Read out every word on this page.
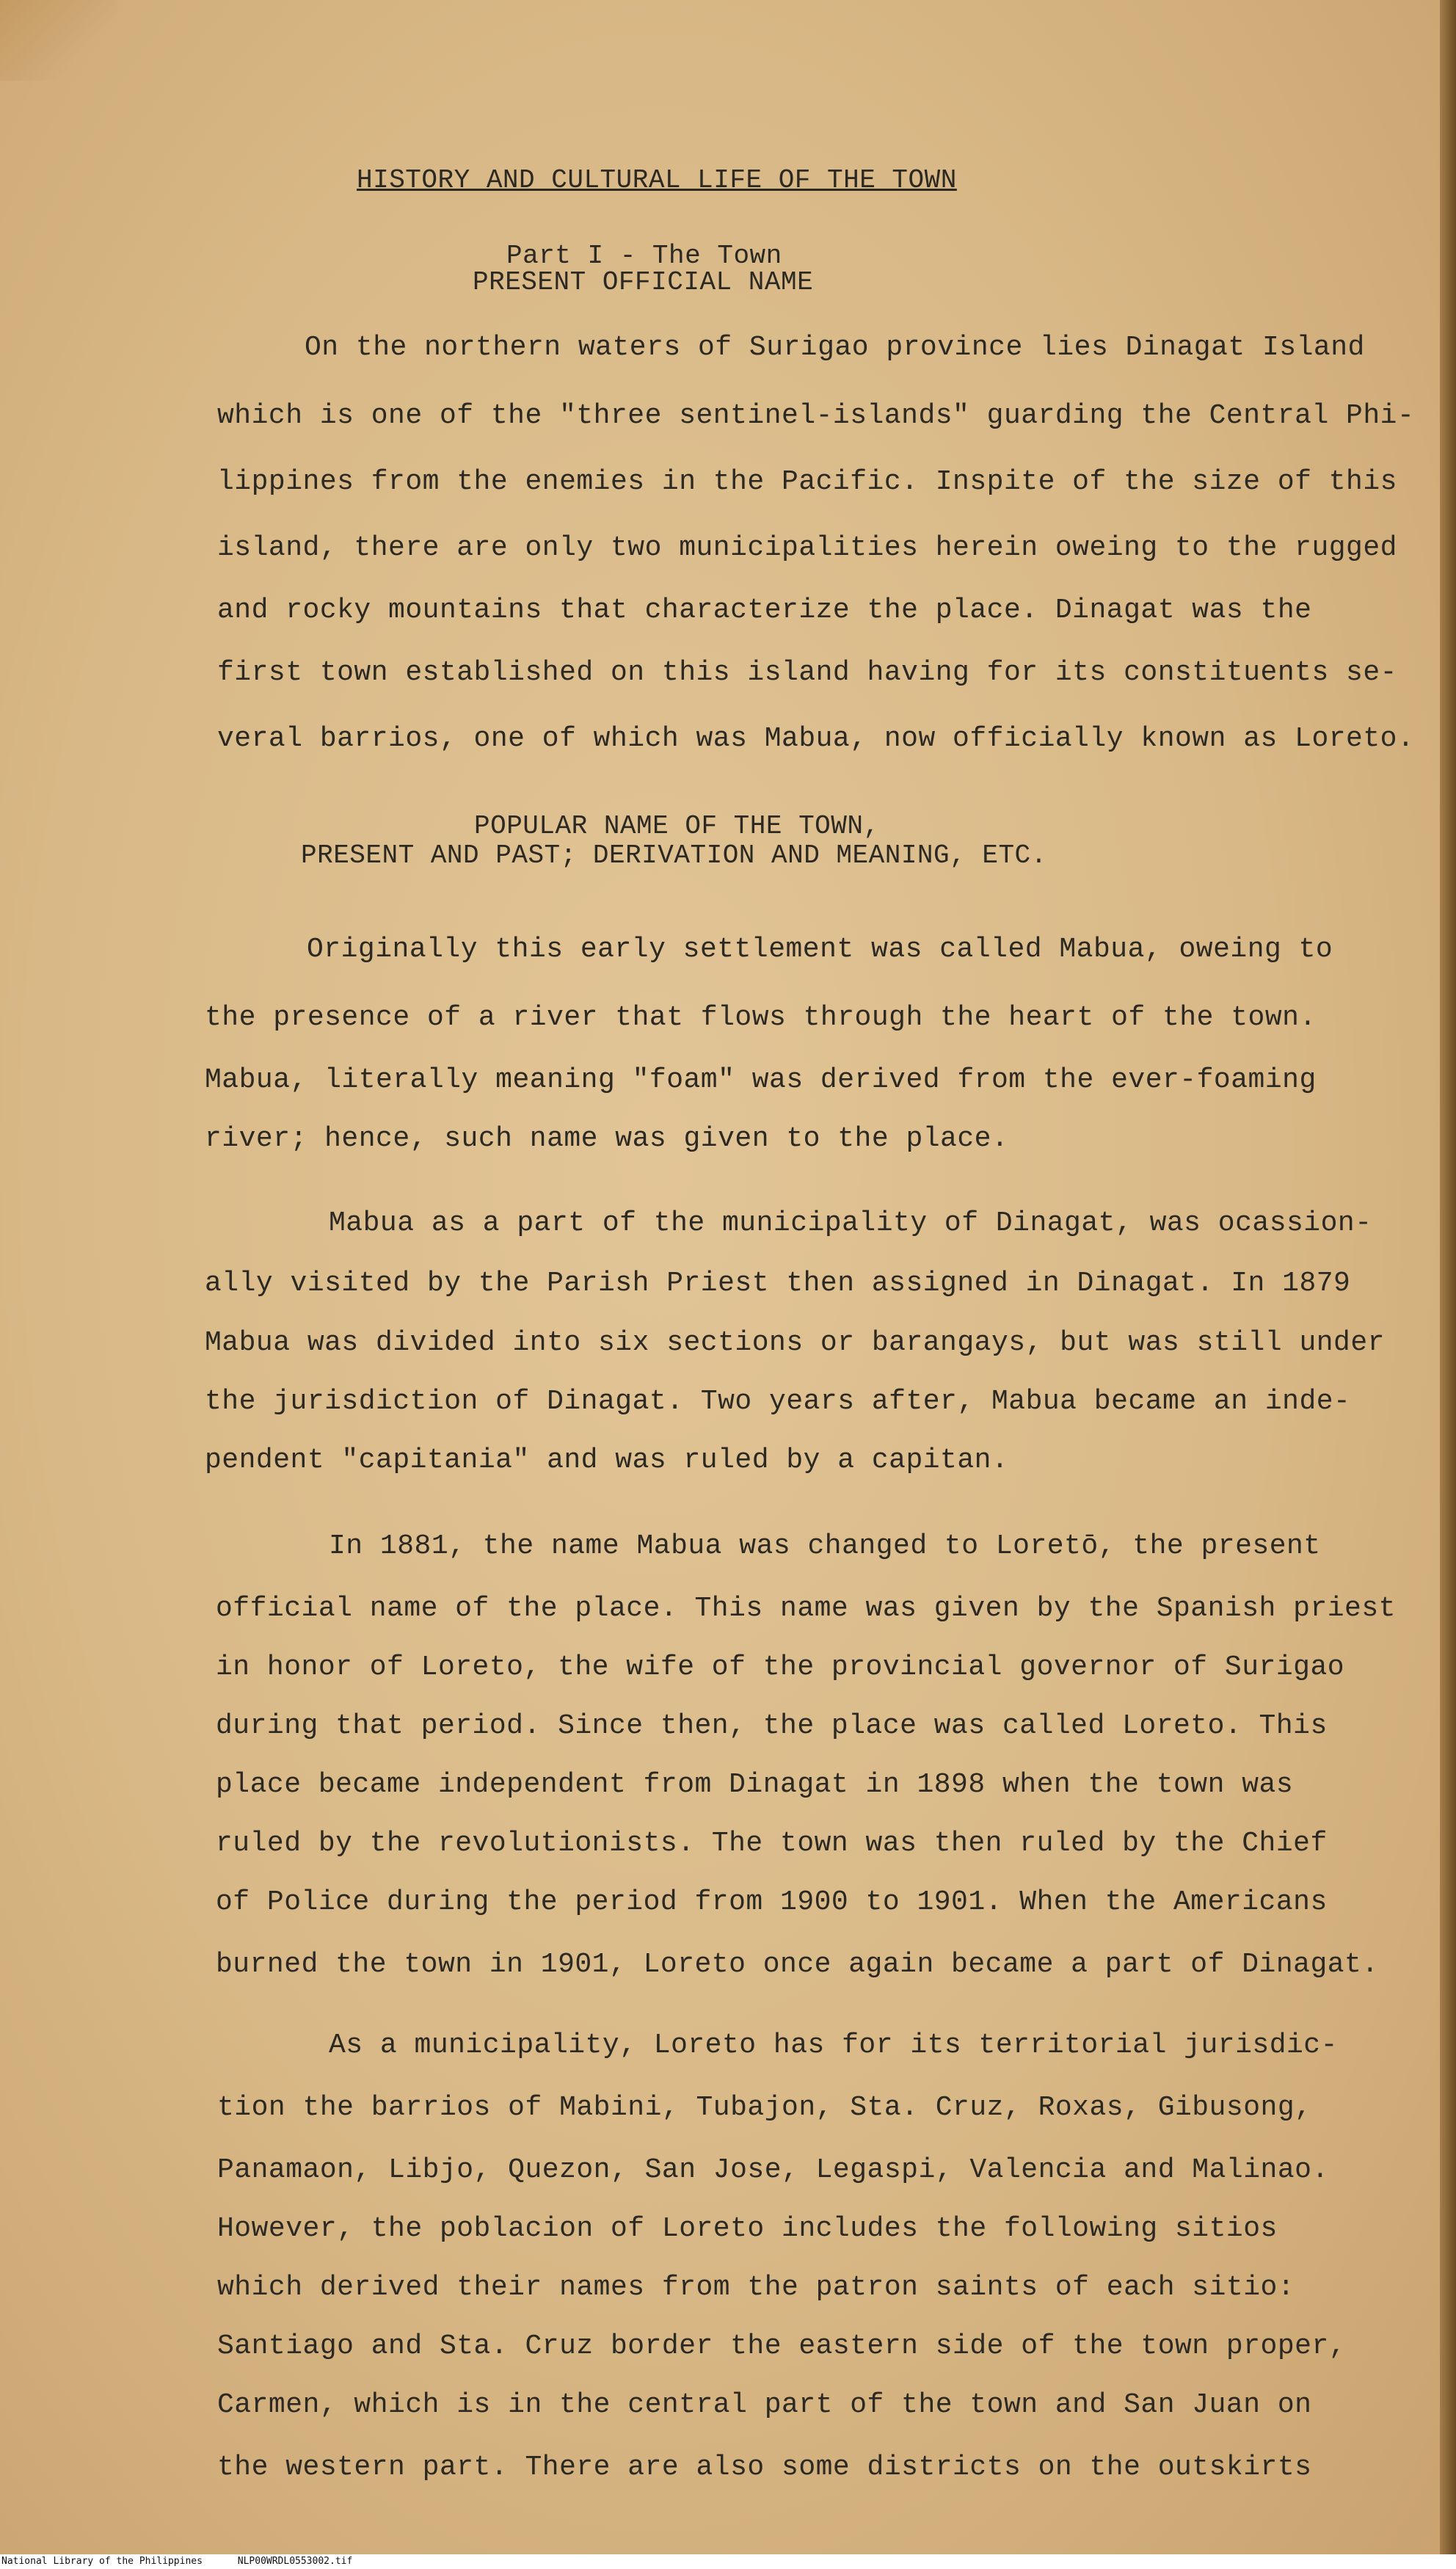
HISTORY AND CULTURAL LIFE OF THE TOWN
Part I - The Town
PRESENT OFFICIAL NAME
On the northern waters of Surigao province lies Dinagat Island
which is one of the "three sentinel-islands" guarding the Central Phi-
lippines from the enemies in the Pacific. Inspite of the size of this
island, there are only two municipalities herein oweing to the rugged
and rocky mountains that characterize the place. Dinagat was the
first town established on this island having for its constituents se-
veral barrios, one of which was Mabua, now officially known as Loreto.
POPULAR NAME OF THE TOWN,
PRESENT AND PAST; DERIVATION AND MEANING, ETC.
Originally this early settlement was called Mabua, oweing to
the presence of a river that flows through the heart of the town.
Mabua, literally meaning "foam" was derived from the ever-foaming
river; hence, such name was given to the place.
Mabua as a part of the municipality of Dinagat, was ocassion-
ally visited by the Parish Priest then assigned in Dinagat. In 1879
Mabua was divided into six sections or barangays, but was still under
the jurisdiction of Dinagat. Two years after, Mabua became an inde-
pendent "capitania" and was ruled by a capitan.
In 1881, the name Mabua was changed to Loretō, the present
official name of the place. This name was given by the Spanish priest
in honor of Loreto, the wife of the provincial governor of Surigao
during that period. Since then, the place was called Loreto. This
place became independent from Dinagat in 1898 when the town was
ruled by the revolutionists. The town was then ruled by the Chief
of Police during the period from 1900 to 1901. When the Americans
burned the town in 1901, Loreto once again became a part of Dinagat.
As a municipality, Loreto has for its territorial jurisdic-
tion the barrios of Mabini, Tubajon, Sta. Cruz, Roxas, Gibusong,
Panamaon, Libjo, Quezon, San Jose, Legaspi, Valencia and Malinao.
However, the poblacion of Loreto includes the following sitios
which derived their names from the patron saints of each sitio:
Santiago and Sta. Cruz border the eastern side of the town proper,
Carmen, which is in the central part of the town and San Juan on
the western part. There are also some districts on the outskirts
National Library of the Philippines	NLP00WRDL0553002.tif
